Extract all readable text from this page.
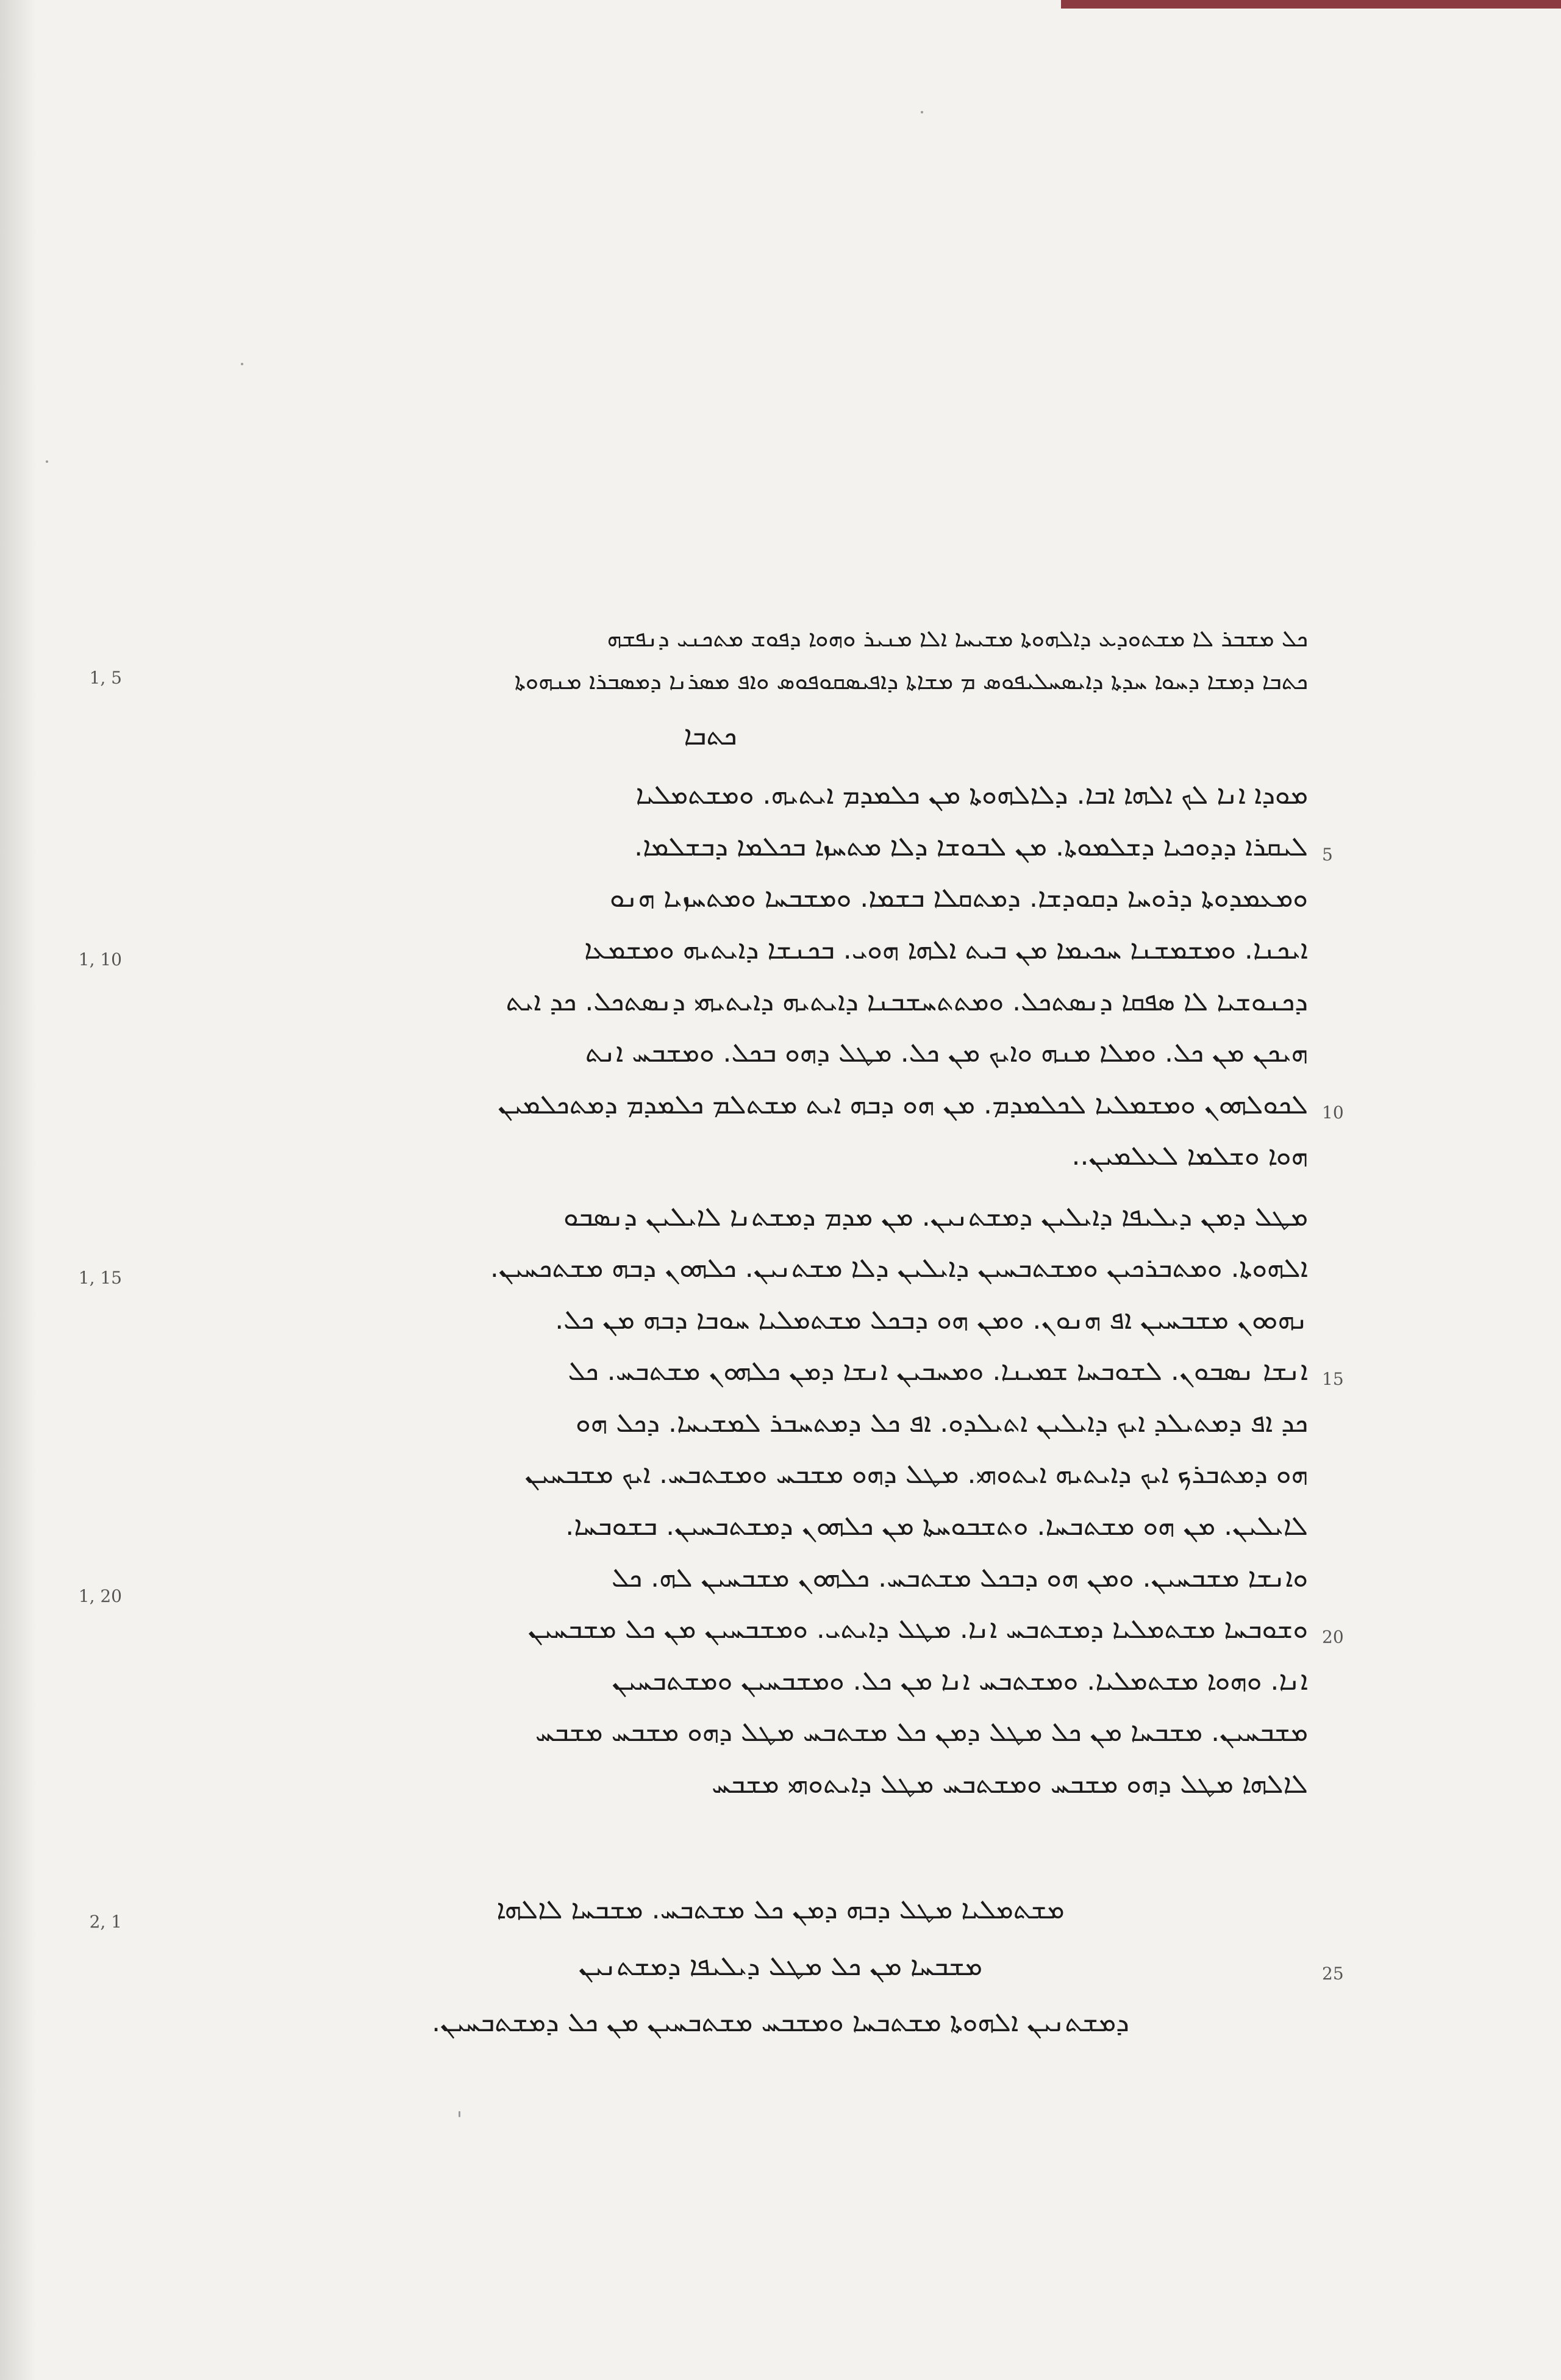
ܟܠ ܡܫܒܪ ܠܐ ܡܫܬܘܕܥ ܕܐܠܗܘܬܐ ܡܫܝܚܐ ܐܠܐ ܡܢܝܪ ܘܗܘܐ ܕܦܘܫ ܡܬܟܢܝ ܕܢܦܫܗ
ܟܬܒܐ ܕܡܫܐ ܕܚܘܐ ܚܕܬܐ ܕܐܝܣܚܠܝܦܘܣ ܡ ܡܫܐܬܐ ܕܐܦܝܣܩܘܦܘܣ ܘܐܦ ܡܣܪܢܐ ܕܡܣܒܪܐ ܡܢܗܘܬܐ
1, 5
ܟܬܒܐ
ܡܘܕܐ ܐܢܐ ܠܟ ܐܠܗܐ ܐܒܐ. ܕܠܐܠܗܘܬܐ ܡܢ ܟܠܡܕܡ ܐܝܬܝܗ. ܘܡܫܬܡܠܝܐ
ܠܝܩܪܐ ܕܕܘܟܝܐ ܕܫܠܡܘܬܐ. ܡܢ ܠܒܘܫܐ ܕܠܐ ܡܬܚܙܐ ܒܟܠܡܐ ܕܒܫܠܡܐ.
ܘܡܥܡܕܘܬܐ ܕܪܘܚܐ ܕܩܘܕܫܐ. ܕܡܬܩܠܐ ܒܫܡܐ. ܘܡܫܒܚܐ ܘܡܬܚܙܝܐ ܗܢܘ
ܐܝܟܢܐ. ܘܡܫܡܫܢܐ ܚܟܝܡܐ ܡܢ ܒܝܬ ܐܠܗܐ ܗܘܝ. ܒܟܢܫܐ ܕܐܝܬܝܗ ܘܡܫܡܥܐ
ܕܟܢܘܫܝܐ ܠܐ ܣܦܩܐ ܕܢܣܬܟܠ. ܘܡܬܬܚܫܒܢܐ ܕܐܝܬܝܗ ܕܐܝܬܝܗܝ ܕܢܣܬܟܠ. ܟܕ ܐܝܬ
ܗܝܟܢ ܡܢ ܟܠ. ܘܡܠܐ ܡܢܗ ܘܐܝܟ ܡܢ ܟܠ. ܡܛܠ ܕܗܘ ܒܟܠ. ܘܡܫܒܚ ܐܢܬ
ܠܟܘܠܗܘܢ ܘܡܫܡܠܝܐ ܠܟܠܡܕܡ. ܡܢ ܗܘ ܕܒܗ ܐܝܬ ܡܫܬܠܡ ܟܠܡܕܡ ܕܡܬܟܠܡܝܢ
ܗܘܐ ܘܫܠܡܐ ܠܥܠܡܝܢ..
ܡܛܠ ܕܡܢ ܕܝܠܝܦܐ ܕܐܝܠܝܢ ܕܡܫܬܢܝܢ. ܡܢ ܡܕܡ ܕܡܫܬܢܐ ܠܐܝܠܝܢ ܕܢܣܒܘ
ܐܠܗܘܬܐ. ܘܡܬܒܪܟܝܢ ܘܡܫܬܒܚܝܢ ܕܐܝܠܝܢ ܕܠܐ ܡܫܬܢܝܢ. ܟܠܗܘܢ ܕܒܗ ܡܫܬܟܚܝܢ.
ܢܗܘܘܢ ܡܫܒܚܝܢ ܐܦ ܗܢܘܢ. ܘܡܢ ܗܘ ܕܒܟܠ ܡܫܬܡܠܝܐ ܚܘܒܐ ܕܒܗ ܡܢ ܟܠ.
ܐܢܫܐ ܢܣܒܘܢ. ܠܫܘܒܚܐ ܫܡܝܢܐ. ܘܡܚܒܝܢ ܐܢܫܐ ܕܡܢ ܟܠܗܘܢ ܡܫܬܒܚ. ܟܠ
ܟܕ ܐܦ ܕܡܬܝܠܕ ܐܝܟ ܕܐܝܠܝܢ ܐܬܝܠܕܘ. ܐܦ ܟܠ ܕܡܬܚܒܪ ܠܡܫܝܚܐ. ܕܟܠ ܗܘ
ܗܘ ܕܡܬܒܪܟ ܐܝܟ ܕܐܝܬܝܗ ܐܝܬܘܗܝ. ܡܛܠ ܕܗܘ ܡܫܒܚ ܘܡܫܬܒܚ. ܐܝܟ ܡܫܒܚܝܢ
ܠܐܝܠܝܢ. ܡܢ ܗܘ ܡܫܬܒܚܐ. ܘܬܫܒܘܚܬܐ ܡܢ ܟܠܗܘܢ ܕܡܫܬܒܚܝܢ. ܒܫܘܒܚܐ.
ܘܐܢܫܐ ܡܫܒܚܝܢ. ܘܡܢ ܗܘ ܕܒܟܠ ܡܫܬܒܚ. ܟܠܗܘܢ ܡܫܒܚܝܢ ܠܗ. ܟܠ
ܘܫܘܒܚܐ ܡܫܬܡܠܝܐ ܕܡܫܬܒܚ ܐܢܐ. ܡܛܠ ܕܐܝܬܝ. ܘܡܫܒܚܝܢ ܡܢ ܟܠ ܡܫܒܚܝܢ
ܐܢܐ. ܘܗܘܐ ܡܫܬܡܠܝܐ. ܘܡܫܬܒܚ ܐܢܐ ܡܢ ܟܠ. ܘܡܫܒܚܝܢ ܘܡܫܬܒܚܝܢ
ܡܫܒܚܝܢ. ܡܫܒܚܐ ܡܢ ܟܠ ܡܛܠ ܕܡܢ ܟܠ ܡܫܬܒܚ ܡܛܠ ܕܗܘ ܡܫܒܚ ܡܫܒܚ
ܠܐܠܗܐ ܡܛܠ ܕܗܘ ܡܫܒܚ ܘܡܫܬܒܚ ܡܛܠ ܕܐܝܬܘܗܝ ܡܫܒܚ
ܡܫܬܡܠܝܐ ܡܛܠ ܕܒܗ ܕܡܢ ܟܠ ܡܫܬܒܚ. ܡܫܒܚܐ ܠܐܠܗܐ
ܡܫܒܚܐ ܡܢ ܟܠ ܡܛܠ ܕܝܠܝܦܐ ܕܡܫܬܢܝܢ
ܕܡܫܬܢܝܢ ܐܠܗܘܬܐ ܡܫܬܒܚܐ ܘܡܫܒܚ ܡܫܬܒܚܝܢ ܡܢ ܟܠ ܕܡܫܬܒܚܝܢ.
1, 10
1, 15
1, 20
2, 1
5
10
15
20
25
